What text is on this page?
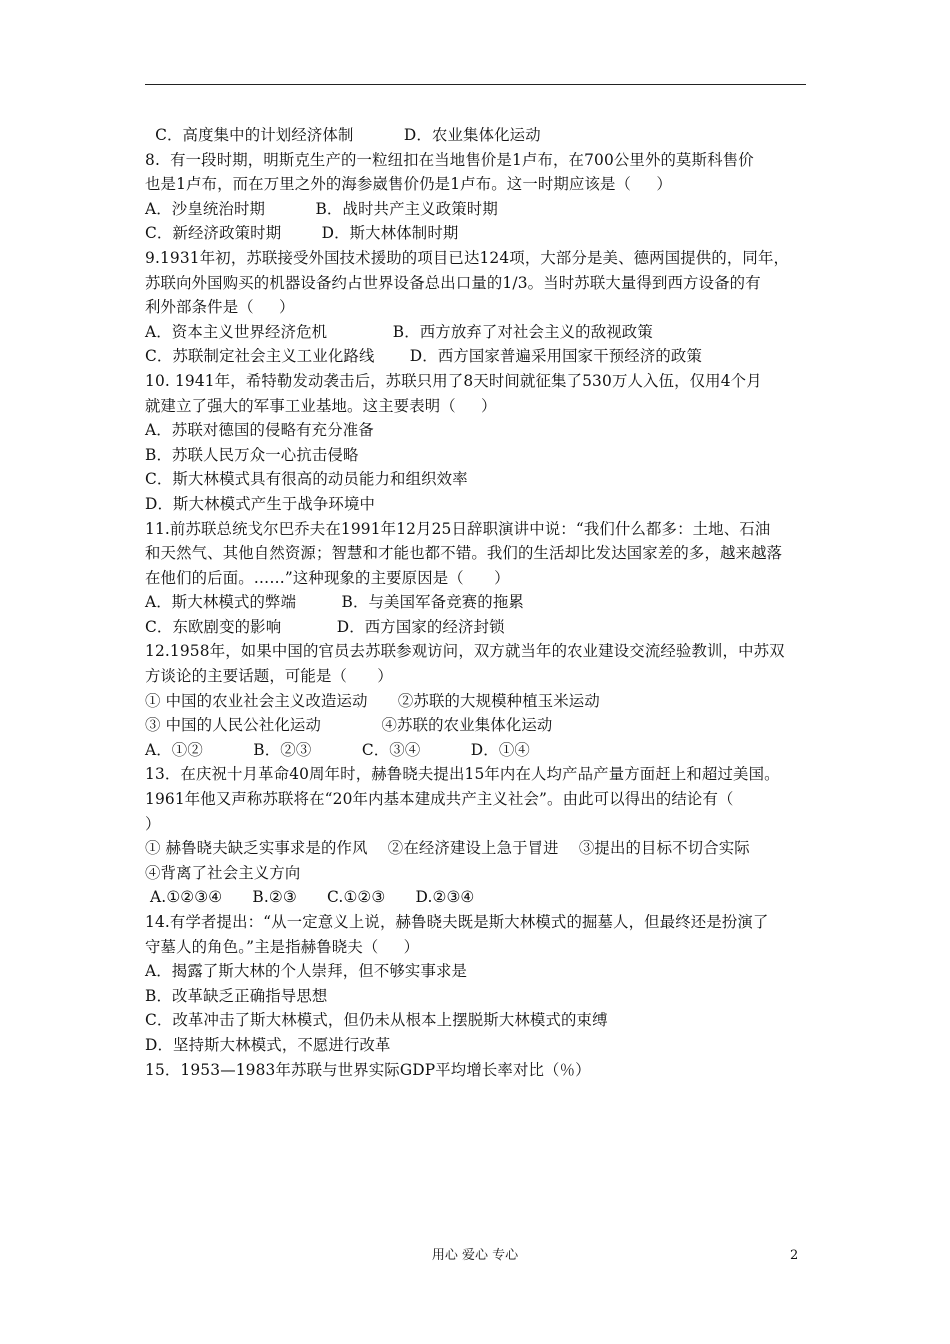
C．高度集中的计划经济体制          D．农业集体化运动
8.  有一段时期，明斯克生产的一粒纽扣在当地售价是1卢布，在700公里外的莫斯科售价
也是1卢布，而在万里之外的海参崴售价仍是1卢布。这一时期应该是（     ）
A．沙皇统治时期          B．战时共产主义政策时期
C．新经济政策时期        D．斯大林体制时期
9.1931年初，苏联接受外国技术援助的项目已达124项，大部分是美、德两国提供的，同年，
苏联向外国购买的机器设备约占世界设备总出口量的1/3。当时苏联大量得到西方设备的有
利外部条件是（     ）
A．资本主义世界经济危机             B．西方放弃了对社会主义的敌视政策
C．苏联制定社会主义工业化路线       D．西方国家普遍采用国家干预经济的政策
10. 1941年，希特勒发动袭击后，苏联只用了8天时间就征集了530万人入伍，仅用4个月
就建立了强大的军事工业基地。这主要表明（     ）
A．苏联对德国的侵略有充分准备
B．苏联人民万众一心抗击侵略
C．斯大林模式具有很高的动员能力和组织效率
D．斯大林模式产生于战争环境中
11.前苏联总统戈尔巴乔夫在1991年12月25日辞职演讲中说：“我们什么都多：土地、石油
和天然气、其他自然资源；智慧和才能也都不错。我们的生活却比发达国家差的多，越来越落
在他们的后面。……”这种现象的主要原因是（      ）
A．斯大林模式的弊端         B．与美国军备竞赛的拖累
C．东欧剧变的影响           D．西方国家的经济封锁
12.1958年，如果中国的官员去苏联参观访问，双方就当年的农业建设交流经验教训，中苏双
方谈论的主要话题，可能是（      ）
① 中国的农业社会主义改造运动      ②苏联的大规模种植玉米运动
③ 中国的人民公社化运动            ④苏联的农业集体化运动
A．①②          B．②③          C．③④          D．①④
13．在庆祝十月革命40周年时，赫鲁晓夫提出15年内在人均产品产量方面赶上和超过美国。
1961年他又声称苏联将在“20年内基本建成共产主义社会”。由此可以得出的结论有（
）
① 赫鲁晓夫缺乏实事求是的作风    ②在经济建设上急于冒进    ③提出的目标不切合实际
④背离了社会主义方向
A.①②③④      B.②③      C.①②③      D.②③④
14.有学者提出：“从一定意义上说，赫鲁晓夫既是斯大林模式的掘墓人，但最终还是扮演了
守墓人的角色。”主是指赫鲁晓夫（     ）
A．揭露了斯大林的个人崇拜，但不够实事求是
B．改革缺乏正确指导思想
C．改革冲击了斯大林模式，但仍未从根本上摆脱斯大林模式的束缚
D．坚持斯大林模式，不愿进行改革
15．1953—1983年苏联与世界实际GDP平均增长率对比（％）
用心 爱心 专心	2
